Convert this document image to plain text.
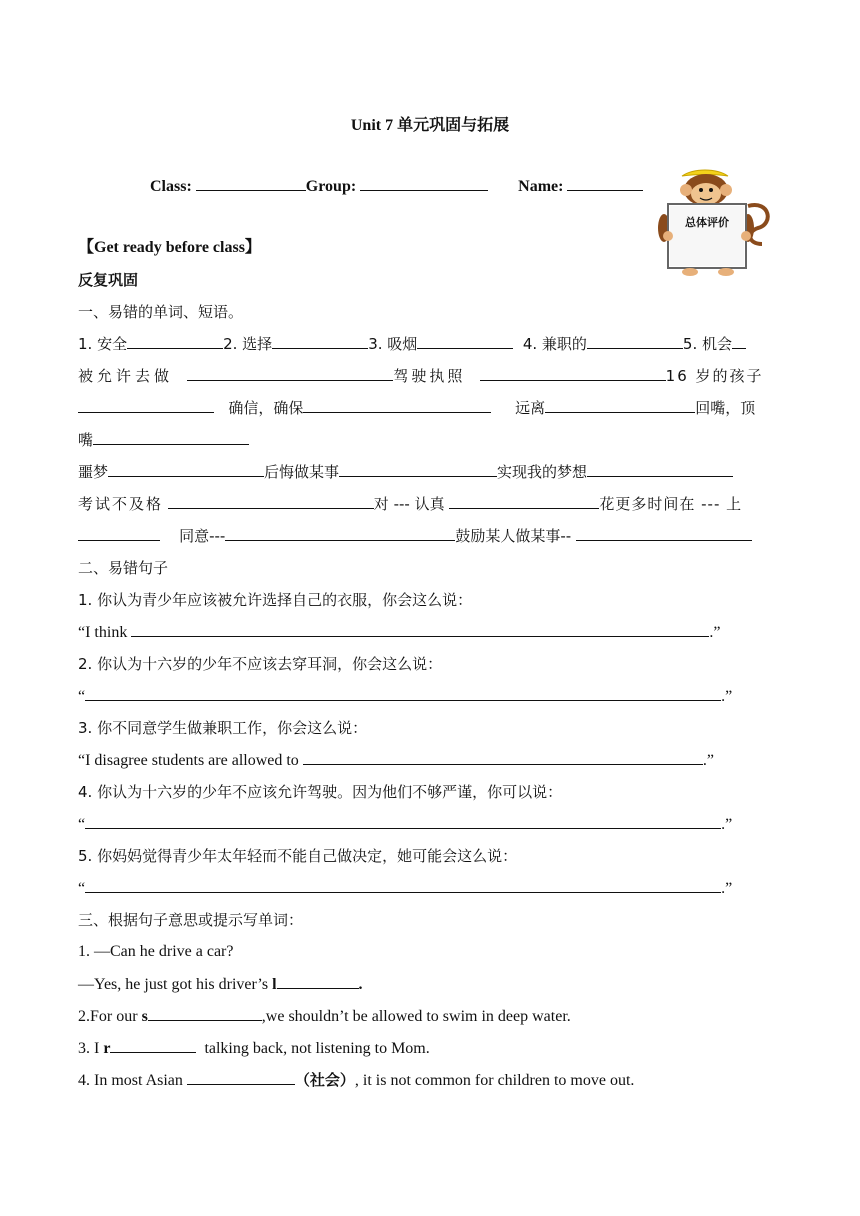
Unit 7 单元巩固与拓展
Class:	Group:	Name:
总体评价
【Get ready before class】
反复巩固
一、易错的单词、短语。
1. 安全	2. 选择	3. 吸烟	4. 兼职的	5. 机会
被允许去做	驾驶执照	16 岁的孩子
确信，确保	远离	回嘴，顶
嘴
噩梦	后悔做某事	实现我的梦想
考试不及格	对 --- 认真	花更多时间在 --- 上
同意---	鼓励某人做某事--
二、易错句子
1. 你认为青少年应该被允许选择自己的衣服，你会这么说：
“I think	.”
2. 你认为十六岁的少年不应该去穿耳洞，你会这么说：
“	.”
3. 你不同意学生做兼职工作，你会这么说：
“I disagree students are allowed to	.”
4. 你认为十六岁的少年不应该允许驾驶。因为他们不够严谨，你可以说：
“	.”
5. 你妈妈觉得青少年太年轻而不能自己做决定，她可能会这么说：
“	.”
三、根据句子意思或提示写单词：
1. —Can he drive a car?
—Yes, he just got his driver’s l	.
2.For our s	,we shouldn’t be allowed to swim in deep water.
3. I r	talking back, not listening to Mom.
4. In most Asian	（社会）, it is not common for children to move out.
